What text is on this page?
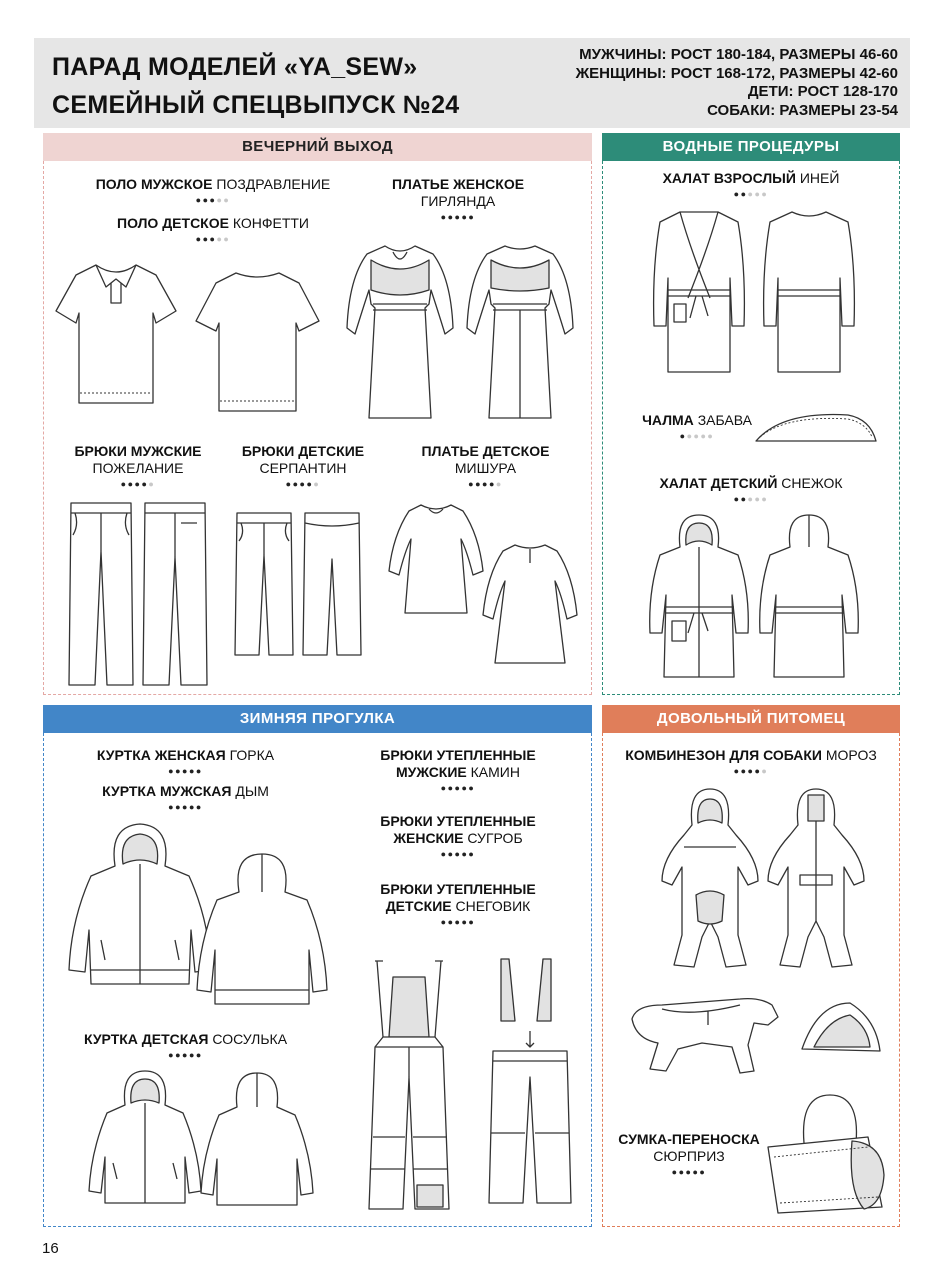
ПАРАД МОДЕЛЕЙ «YA_SEW»
СЕМЕЙНЫЙ СПЕЦВЫПУСК №24
МУЖЧИНЫ: РОСТ 180-184, РАЗМЕРЫ 46-60
ЖЕНЩИНЫ: РОСТ 168-172, РАЗМЕРЫ 42-60
ДЕТИ: РОСТ 128-170
СОБАКИ: РАЗМЕРЫ 23-54
ВЕЧЕРНИЙ ВЫХОД
ПОЛО МУЖСКОЕ ПОЗДРАВЛЕНИЕ
●●●●●
ПОЛО ДЕТСКОЕ КОНФЕТТИ
●●●●●
ПЛАТЬЕ ЖЕНСКОЕ
ГИРЛЯНДА
●●●●●
БРЮКИ МУЖСКИЕ
ПОЖЕЛАНИЕ
●●●●●
БРЮКИ ДЕТСКИЕ
СЕРПАНТИН
●●●●●
ПЛАТЬЕ ДЕТСКОЕ
МИШУРА
●●●●●
ВОДНЫЕ ПРОЦЕДУРЫ
ХАЛАТ ВЗРОСЛЫЙ ИНЕЙ
●●●●●
ЧАЛМА ЗАБАВА
●●●●●
ХАЛАТ ДЕТСКИЙ СНЕЖОК
●●●●●
ЗИМНЯЯ ПРОГУЛКА
КУРТКА ЖЕНСКАЯ ГОРКА
●●●●●
КУРТКА МУЖСКАЯ ДЫМ
●●●●●
КУРТКА ДЕТСКАЯ СОСУЛЬКА
●●●●●
БРЮКИ УТЕПЛЕННЫЕ
МУЖСКИЕ КАМИН
●●●●●
БРЮКИ УТЕПЛЕННЫЕ
ЖЕНСКИЕ СУГРОБ
●●●●●
БРЮКИ УТЕПЛЕННЫЕ
ДЕТСКИЕ СНЕГОВИК
●●●●●
ДОВОЛЬНЫЙ ПИТОМЕЦ
КОМБИНЕЗОН ДЛЯ СОБАКИ МОРОЗ
●●●●●
СУМКА-ПЕРЕНОСКА
СЮРПРИЗ
●●●●●
16
